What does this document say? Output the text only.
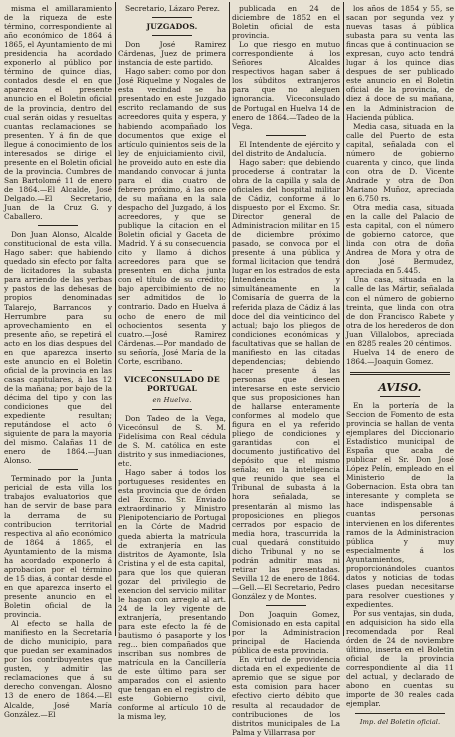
misma el amillaramiento de la riqueza de este término, correspondiente al año económico de 1864 á 1865, el Ayuntamiento de mi presidencia ha acordado exponerlo al público por término de quince dias, contados desde el en que aparezca el presente anuncio en el Boletin oficial de la provincia, dentro del cual serán oidas y resueltas cuantas reclamaciones se presenten. Y á fin de que llegue á conocimiento de los interesados se dirige el presente en el Boletin oficial de la provincia. Cumbres de San Bartolomé 11 de enero de 1864.—El Alcalde, José Delgado.—El Secretario, Juan de la Cruz G. y Caballero.

Don Juan Alonso, Alcalde constitucional de esta villa. Hago saber: que habiendo quedado sin efecto por falta de licitadores la subasta para arriendo de las yerbas y pastos de las dehesas de propios denominadas Talarejo, Barrancos y Herrumbre para su aprovechamiento en el presente año, se repetirá el acto en los dias despues del en que aparezca inserto este anuncio en el Boletin oficial de la provincia en las casas capitulares, á las 12 de la mañana; por bajo de la décima del tipo y con las condiciones que del expediente resultan; reputándose el acto ó siguiente de para la mayoria del mismo. Calañas 11 de enero de 1864.—Juan Alonso.

Terminado por la Junta pericial de esta villa los trabajos evaluatorios que han de servir de base para la derrama de su contribucion territorial respectiva al año económico de 1864 á 1865, el Ayuntamiento de la misma ha acordado exponerlo á aprobacion por el término de 15 dias, á contar desde el en que aparezca inserto el presente anuncio en el Boletin oficial de la provincia.

Al efecto se halla de manifiesto en la Secretaría de dicho municipio, para que puedan ser examinados por los contribuyentes que gusten, y admitir las reclamaciones que á su derecho convengan. Alosno 13 de enero de 1864.—El Alcalde, José María González.—El

Secretario, Lázaro Perez.

JUZGADOS.

Don José Ramirez Cárdenas, Juez de primera instancia de este partido.

Hago saber: como por don José Riquelme y Nogales de esta vecindad se ha presentado en este Juzgado escrito reclamando de sus acreedores quita y espera, y habiendo acompañado los documentos que exige el artículo quinientos seis de la ley de enjuiciamiento civil, he proveido auto en este dia mandando convocar á junta para el dia cuatro de febrero próximo, á las once de su mañana en la sala despacho del Juzgado, á los acreedores, y que se publique la citacion en el Boletin oficial y Gaceta de Madrid. Y á su consecuencia cito y llamo á dichos acreedores para que se presenten en dicha junta con el título de su crédito; bajo apercibimiento de no ser admitidos de lo contrario. Dado en Huelva á ocho de enero de mil ochocientos sesenta y cuatro.—José Ramirez Cárdenas.—Por mandado de su señoría, José María de la Corte, escribano.

VICECONSULADO DE PORTUGAL
en Huelva.

Don Tadeo de la Vega, Vicecónsul de S. M. Fidelísima con Real cédula de S. M. católica en este distrito y sus inmediaciones, etc.

Hago saber á todos los portugueses residentes en esta provincia que de órden del Excmo. Sr. Enviado extraordinario y Ministro Plenipotenciario de Portugal en la Córte de Madrid queda abierta la matrícula de extranjería en las distritos de Ayamonte, Isla Cristina y el de esta capital, para que los que quieran gozar del privilegio de exencion del servicio militar le hagan con arreglo al art. 24 de la ley vigente de extranjería, presentando para este efecto la fé de bautismo ó pasaporte y los reg... bien compañados que inscriban sus nombres de matrícula en la Cancillería de este último para ser amparados con el asiento que tengan en el registro de este Gobierno civil, conforme al artículo 10 de la misma ley,

publicada en 24 de diciembre de 1852 en el Boletin oficial de esta provincia.

Lo que riesgo en mutuo correspondiente á los Señores Alcaldes respectivos hagan saber á los súbditos extranjeros para que no aleguen ignorancia. Viceconsulado de Portugal en Huelva 14 de enero de 1864.—Tadeo de la Vega.

El Intendente de ejército y del distrito de Andalucía.

Hago saber: que debiendo procederse á contratar la obra de la capilla y sala de oficiales del hospital militar de Cádiz, conforme á lo dispuesto por el Excmo. Sr. Director general de Administracion militar en 15 de diciembre próximo pasado, se convoca por el presente á una pública y formal licitacion que tendrá lugar en los estrados de esta Intendencia y simultáneamente en la Comisaría de guerra de la referida plaza de Cádiz á las doce del dia veinticinco del actual; bajo los pliegos de condiciones económicas y facultativas que se hallan de manifiesto en las citadas dependencias; debiendo hacer presente á las personas que deseen interesarse en este servicio que sus proposiciones han de hallarse enteramente conformes al modelo que figura en el ya referido pliego de condiciones y garantidas con el documento justificativo del depósito que el mismo señala; en la inteligencia que reunido que sea el Tribunal de subasta á la hora señalada, se presentarán al mismo las proposiciones en pliegos cerrados por espacio de media hora, trascurrida la cual quedará constituido dicho Tribunal y no se podrán admitir mas ni retirar las presentadas. Sevilla 12 de enero de 1864.—Gell.—El Secretario, Pedro González y de Montes.

Don Joaquin Gomez, Comisionado en esta capital por la Administracion principal de Hacienda pública de esta provincia.

En virtud de providencia dictada en el expediente de apremio que se sigue por esta comision para hacer efectivo cierto débito que resulta al recaudador de contribuciones de los distritos municipales de La Palma y Villarrasa por

los años de 1854 y 55, se sacan por segunda vez y nuevas tasas á pública subasta para su venta las fincas que á continuacion se expresan, cuyo acto tendrá lugar á los quince dias despues de ser publicado este anuncio en el Boletin oficial de la provincia, de diez á doce de su mañana, en la Administracion de Hacienda pública.

Media casa, situada en la calle del Puerto de esta capital, señalada con el número de gobierno cuarenta y cinco, que linda con otra de D. Vicente Andrade y otra de Don Mariano Muñoz, apreciada en 6.750 rs.

Otra media casa, situada en la calle del Palacio de esta capital, con el número de gobierno catorce, que linda con otra de doña Andrea de Mora y otra de don José Bermudez, apreciada en 5.445.

Una casa, situada en la calle de las Mártir, señalada con el número de gobierno treinta, que linda con otra de don Francisco Rabete y otra de los herederos de don Juan Villalobos, apreciada en 8285 reales 20 céntimos.

Huelva 14 de enero de 1864.—Joaquin Gomez.

AVISO.

En la portería de la Seccion de Fomento de esta provincia se hallan de venta ejemplares del Diccionario Estadístico municipal de España que acaba de publicar el Sr. Don José López Pelín, empleado en el Ministerio de la Gobernacion. Esta obra tan interesante y completa se hace indispensable á cuantas personas intervienen en los diferentes ramos de la Administracion pública y muy especialmente á los Ayuntamientos, proporcionándoles cuantos datos y noticias de todas clases puedan necesitarse para resolver cuestiones y expedientes.

Por sus ventajas, sin duda, en adquisicion ha sido ella recomendada por Real órden de 24 de noviembre último, inserta en el Boletin oficial de la provincia correspondiente al dia 11 del actual, y declarado de abono en cuentas su importe de 30 reales cada ejemplar.

Imp. del Boletin oficial.
